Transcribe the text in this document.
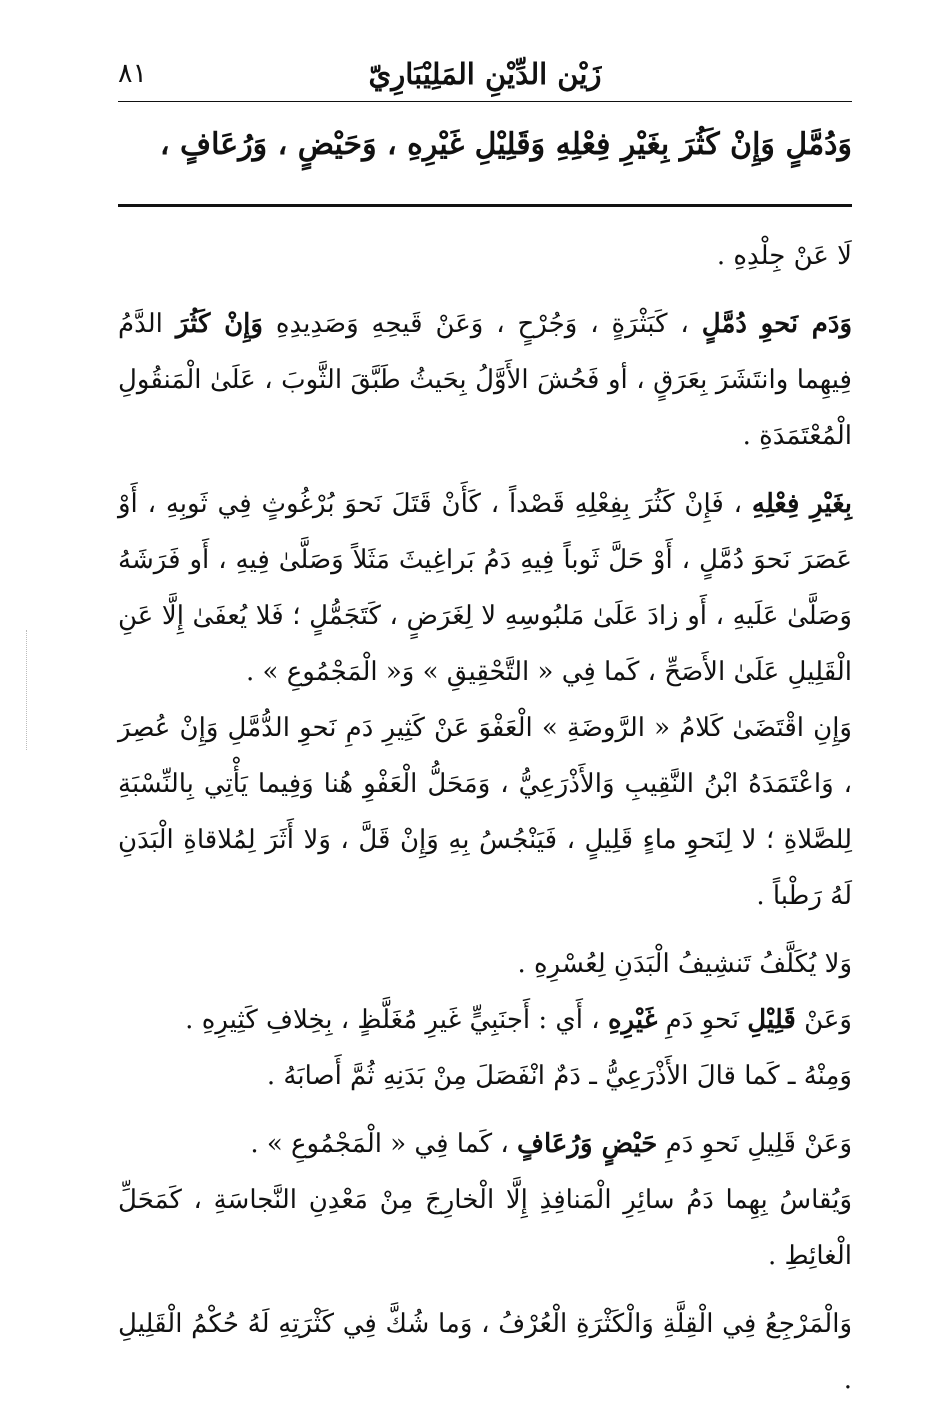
زَيْن الدِّيْنِ المَلِيْبَارِيّ
٨١
وَدُمَّلٍ وَإِنْ كَثُرَ بِغَيْرِ فِعْلِهِ وَقَلِيْلِ غَيْرِهِ ، وَحَيْضٍ ، وَرُعَافٍ ،

لَا عَنْ جِلْدِهِ .

وَدَم نَحوِ دُمَّلٍ ، كَبَثْرَةٍ ، وَجُرْحٍ ، وَعَنْ قَيحِهِ وَصَدِيدِهِ وَإِنْ كَثُرَ الدَّمُ فِيهِما وانتَشَرَ بِعَرَقٍ ، أو فَحُشَ الأَوَّلُ بِحَيثُ طَبَّقَ الثَّوبَ ، عَلَىٰ الْمَنقُولِ الْمُعْتَمَدَةِ .

بِغَيْرِ فِعْلِهِ ، فَإِنْ كَثُرَ بِفِعْلِهِ قَصْداً ، كَأَنْ قَتَلَ نَحوَ بُرْغُوثٍ فِي ثَوبِهِ ، أَوْ عَصَرَ نَحوَ دُمَّلٍ ، أَوْ حَلَّ ثَوباً فِيهِ دَمُ بَراغِيثَ مَثَلاً وَصَلَّىٰ فِيهِ ، أَو فَرَشَهُ وَصَلَّىٰ عَلَيهِ ، أَو زادَ عَلَىٰ مَلبُوسِهِ لا لِغَرَضٍ ، كَتَجَمُّلٍ ؛ فَلا يُعفَىٰ إِلَّا عَنِ الْقَلِيلِ عَلَىٰ الأَصَحِّ ، كَما فِي « التَّحْقِيقِ » وَ« الْمَجْمُوعِ » .

وَإِنِ اقْتَضَىٰ كَلامُ « الرَّوضَةِ » الْعَفْوَ عَنْ كَثِيرِ دَمِ نَحوِ الدُّمَّلِ وَإِنْ عُصِرَ ، وَاعْتَمَدَهُ ابْنُ النَّقِيبِ وَالأَذْرَعِيُّ ، وَمَحَلُّ الْعَفْوِ هُنا وَفِيما يَأْتِي بِالنِّسْبَةِ لِلصَّلاةِ ؛ لا لِنَحوِ ماءٍ قَلِيلٍ ، فَيَنْجُسُ بِهِ وَإِنْ قَلَّ ، وَلا أَثَرَ لِمُلاقاةِ الْبَدَنِ لَهُ رَطْباً .

وَلا يُكَلَّفُ تَنشِيفُ الْبَدَنِ لِعُسْرِهِ .

وَعَنْ قَلِيْلِ نَحوِ دَمِ غَيْرِهِ ، أَي : أَجنَبِيٍّ غَيرِ مُغَلَّظٍ ، بِخِلافِ كَثِيرِهِ .

وَمِنْهُ ـ كَما قالَ الأَذْرَعِيُّ ـ دَمٌ انْفَصَلَ مِنْ بَدَنِهِ ثُمَّ أَصابَهُ .

وَعَنْ قَلِيلِ نَحوِ دَمِ حَيْضٍ وَرُعَافٍ ، كَما فِي « الْمَجْمُوعِ » .

وَيُقاسُ بِهِما دَمُ سائِرِ الْمَنافِذِ إِلَّا الْخارِجَ مِنْ مَعْدِنِ النَّجاسَةِ ، كَمَحَلِّ الْغائِطِ .

وَالْمَرْجِعُ فِي الْقِلَّةِ وَالْكَثْرَةِ الْعُرْفُ ، وَما شُكَّ فِي كَثْرَتِهِ لَهُ حُكْمُ الْقَلِيلِ .
